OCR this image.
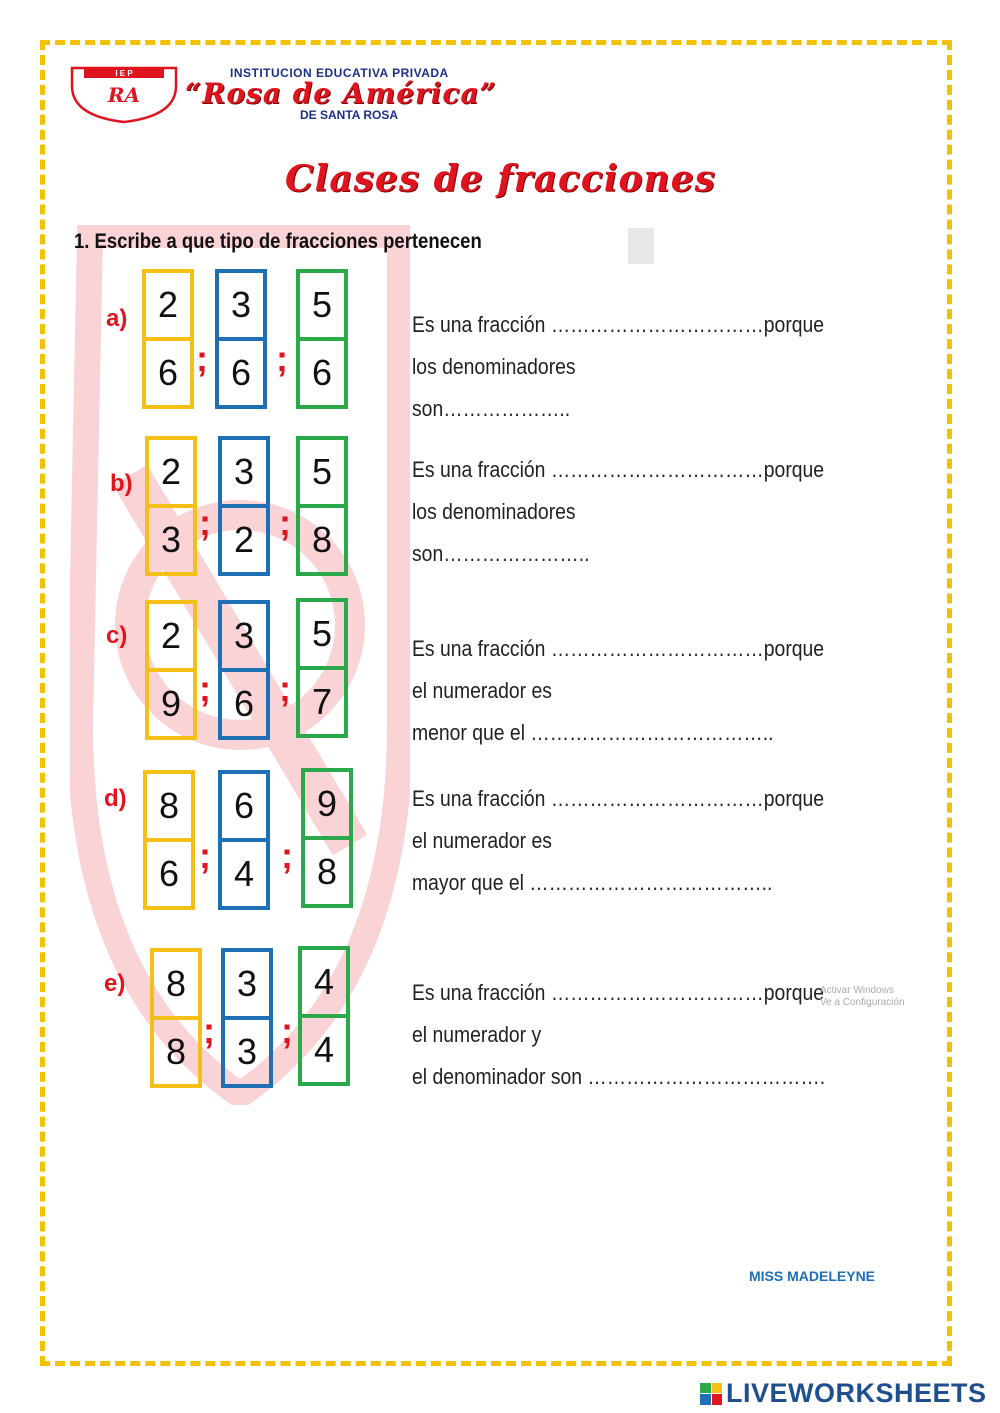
I E P
RA
INSTITUCION EDUCATIVA PRIVADA
“Rosa de América”
DE SANTA ROSA
Clases de fracciones
1. Escribe a que tipo de fracciones pertenecen
$a) \frac{2}{6}$ ; $\frac{3}{6}$ ; $\frac{5}{6}$	Es una fracción ……………………………porque los denominadores
son………………..
$b) \frac{2}{3}$ ; $\frac{3}{2}$ ; $\frac{5}{8}$	Es una fracción ……………………………porque los denominadores
son…………………..
$c) \frac{2}{9}$ ; $\frac{3}{6}$ ; $\frac{5}{7}$	Es una fracción ……………………………porque el numerador es
menor que el ………………………………..
$d) \frac{8}{6}$ ; $\frac{6}{4}$ ; $\frac{9}{8}$	Es una fracción ……………………………porque el numerador es
mayor que el ………………………………..
$e) \frac{8}{8}$ ; $\frac{3}{3}$ ; $\frac{4}{4}$	Es una fracción ……………………………porque el numerador y
el denominador son ……………………………….
Activar Windows
Ve a Configuración
MISS MADELEYNE
LIVEWORKSHEETS
